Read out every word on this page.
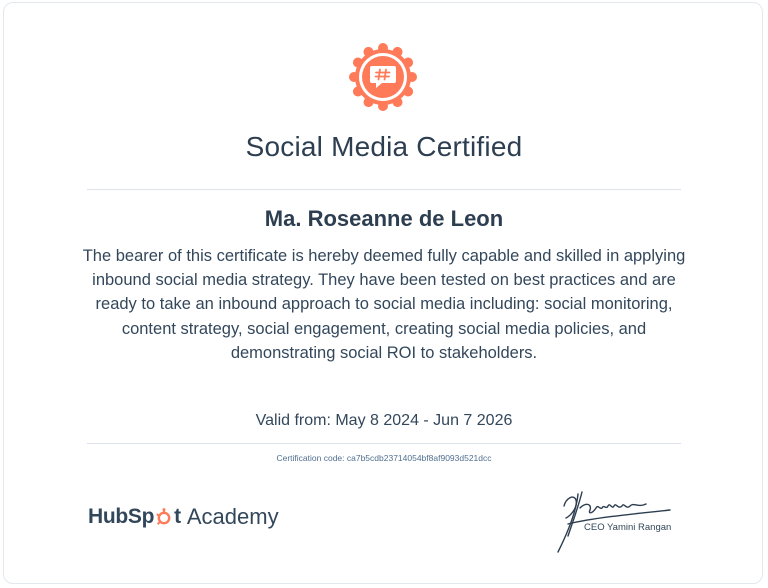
Social Media Certified
Ma. Roseanne de Leon
The bearer of this certificate is hereby deemed fully capable and skilled in applying inbound social media strategy. They have been tested on best practices and are ready to take an inbound approach to social media including: social monitoring, content strategy, social engagement, creating social media policies, and demonstrating social ROI to stakeholders.
Valid from: May 8 2024 - Jun 7 2026
Certification code: ca7b5cdb23714054bf8af9093d521dcc
HubSp t Academy	CEO Yamini Rangan
